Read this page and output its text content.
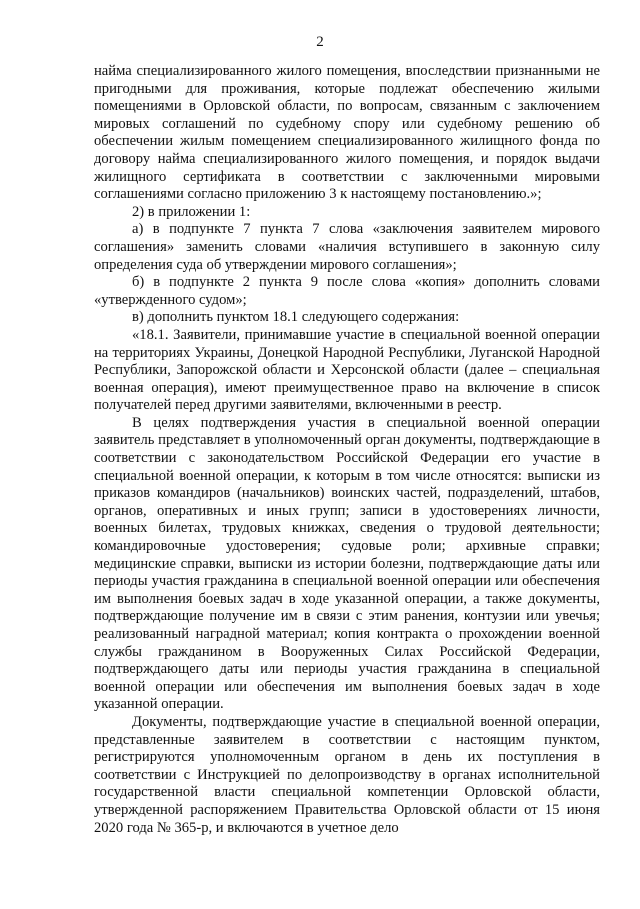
2

найма специализированного жилого помещения, впоследствии признанными не пригодными для проживания, которые подлежат обеспечению жилыми помещениями в Орловской области, по вопросам, связанным с заключением мировых соглашений по судебному спору или судебному решению об обеспечении жилым помещением специализированного жилищного фонда по договору найма специализированного жилого помещения, и порядок выдачи жилищного сертификата в соответствии с заключенными мировыми соглашениями согласно приложению 3 к настоящему постановлению.»;

2) в приложении 1:

а) в подпункте 7 пункта 7 слова «заключения заявителем мирового соглашения» заменить словами «наличия вступившего в законную силу определения суда об утверждении мирового соглашения»;

б) в подпункте 2 пункта 9 после слова «копия» дополнить словами «утвержденного судом»;

в) дополнить пунктом 18.1 следующего содержания:

«18.1. Заявители, принимавшие участие в специальной военной операции на территориях Украины, Донецкой Народной Республики, Луганской Народной Республики, Запорожской области и Херсонской области (далее – специальная военная операция), имеют преимущественное право на включение в список получателей перед другими заявителями, включенными в реестр.

В целях подтверждения участия в специальной военной операции заявитель представляет в уполномоченный орган документы, подтверждающие в соответствии с законодательством Российской Федерации его участие в специальной военной операции, к которым в том числе относятся: выписки из приказов командиров (начальников) воинских частей, подразделений, штабов, органов, оперативных и иных групп; записи в удостоверениях личности, военных билетах, трудовых книжках, сведения о трудовой деятельности; командировочные удостоверения; судовые роли; архивные справки; медицинские справки, выписки из истории болезни, подтверждающие даты или периоды участия гражданина в специальной военной операции или обеспечения им выполнения боевых задач в ходе указанной операции, а также документы, подтверждающие получение им в связи с этим ранения, контузии или увечья; реализованный наградной материал; копия контракта о прохождении военной службы гражданином в Вооруженных Силах Российской Федерации, подтверждающего даты или периоды участия гражданина в специальной военной операции или обеспечения им выполнения боевых задач в ходе указанной операции.

Документы, подтверждающие участие в специальной военной операции, представленные заявителем в соответствии с настоящим пунктом, регистрируются уполномоченным органом в день их поступления в соответствии с Инструкцией по делопроизводству в органах исполнительной государственной власти специальной компетенции Орловской области, утвержденной распоряжением Правительства Орловской области от 15 июня 2020 года № 365-р, и включаются в учетное дело
